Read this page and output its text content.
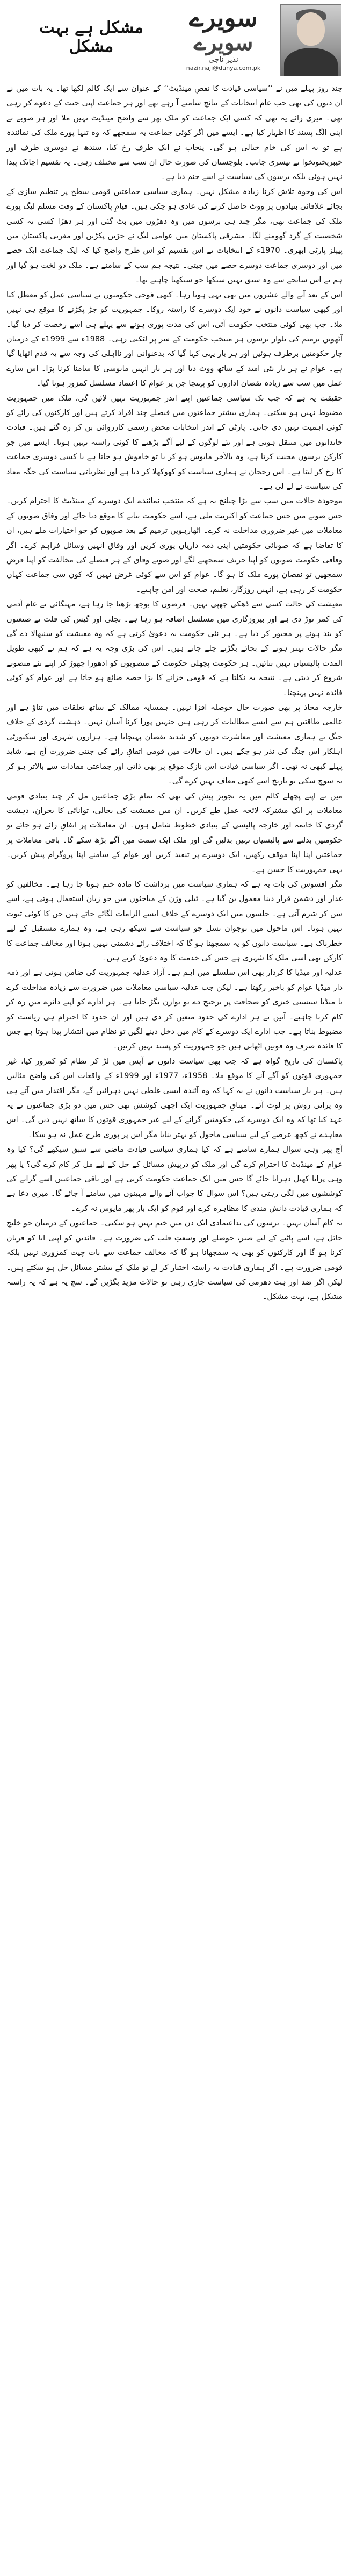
سویرے
سویرے
نذیر ناجی
nazir.naji@dunya.com.pk
مشکل ہے بہت مشکل

چند روز پہلے میں نے ’’سیاسی قیادت کا نقصِ مینڈیٹ‘‘ کے عنوان سے ایک کالم لکھا تھا۔ یہ بات میں نے ان دنوں کی تھی جب عام انتخابات کے نتائج سامنے آ رہے تھے اور ہر جماعت اپنی جیت کے دعوے کر رہی تھی۔ میری رائے یہ تھی کہ کسی ایک جماعت کو ملک بھر سے واضح مینڈیٹ نہیں ملا اور ہر صوبے نے اپنی الگ پسند کا اظہار کیا ہے۔ ایسے میں اگر کوئی جماعت یہ سمجھے کہ وہ تنہا پورے ملک کی نمائندہ ہے تو یہ اس کی خام خیالی ہو گی۔ پنجاب نے ایک طرف رخ کیا، سندھ نے دوسری طرف اور خیبرپختونخوا نے تیسری جانب۔ بلوچستان کی صورت حال ان سب سے مختلف رہی۔ یہ تقسیم اچانک پیدا نہیں ہوئی بلکہ برسوں کی سیاست نے اسے جنم دیا ہے۔

اس کی وجوہ تلاش کرنا زیادہ مشکل نہیں۔ ہماری سیاسی جماعتیں قومی سطح پر تنظیم سازی کے بجائے علاقائی بنیادوں پر ووٹ حاصل کرنے کی عادی ہو چکی ہیں۔ قیامِ پاکستان کے وقت مسلم لیگ پورے ملک کی جماعت تھی، مگر چند ہی برسوں میں وہ دھڑوں میں بٹ گئی اور ہر دھڑا کسی نہ کسی شخصیت کے گرد گھومنے لگا۔ مشرقی پاکستان میں عوامی لیگ نے جڑیں پکڑیں اور مغربی پاکستان میں پیپلز پارٹی ابھری۔ 1970ء کے انتخابات نے اس تقسیم کو اس طرح واضح کیا کہ ایک جماعت ایک حصے میں اور دوسری جماعت دوسرے حصے میں جیتی۔ نتیجہ ہم سب کے سامنے ہے۔ ملک دو لخت ہو گیا اور ہم نے اس سانحے سے وہ سبق نہیں سیکھا جو سیکھنا چاہیے تھا۔

اس کے بعد آنے والے عشروں میں بھی یہی ہوتا رہا۔ کبھی فوجی حکومتوں نے سیاسی عمل کو معطل کیا اور کبھی سیاست دانوں نے خود ایک دوسرے کا راستہ روکا۔ جمہوریت کو جڑ پکڑنے کا موقع ہی نہیں ملا۔ جب بھی کوئی منتخب حکومت آئی، اس کی مدت پوری ہونے سے پہلے ہی اسے رخصت کر دیا گیا۔ آٹھویں ترمیم کی تلوار برسوں ہر منتخب حکومت کے سر پر لٹکتی رہی۔ 1988ء سے 1999ء کے درمیان چار حکومتیں برطرف ہوئیں اور ہر بار یہی کہا گیا کہ بدعنوانی اور نااہلی کی وجہ سے یہ قدم اٹھایا گیا ہے۔ عوام نے ہر بار نئی امید کے ساتھ ووٹ دیا اور ہر بار انہیں مایوسی کا سامنا کرنا پڑا۔ اس سارے عمل میں سب سے زیادہ نقصان اداروں کو پہنچا جن پر عوام کا اعتماد مسلسل کمزور ہوتا گیا۔

حقیقت یہ ہے کہ جب تک سیاسی جماعتیں اپنے اندر جمہوریت نہیں لائیں گی، ملک میں جمہوریت مضبوط نہیں ہو سکتی۔ ہماری بیشتر جماعتوں میں فیصلے چند افراد کرتے ہیں اور کارکنوں کی رائے کو کوئی اہمیت نہیں دی جاتی۔ پارٹی کے اندر انتخابات محض رسمی کارروائی بن کر رہ گئے ہیں۔ قیادت خاندانوں میں منتقل ہوتی ہے اور نئے لوگوں کے لیے آگے بڑھنے کا کوئی راستہ نہیں ہوتا۔ ایسے میں جو کارکن برسوں محنت کرتا ہے، وہ بالآخر مایوس ہو کر یا تو خاموش ہو جاتا ہے یا کسی دوسری جماعت کا رخ کر لیتا ہے۔ اس رجحان نے ہماری سیاست کو کھوکھلا کر دیا ہے اور نظریاتی سیاست کی جگہ مفاد کی سیاست نے لے لی ہے۔

موجودہ حالات میں سب سے بڑا چیلنج یہ ہے کہ منتخب نمائندے ایک دوسرے کے مینڈیٹ کا احترام کریں۔ جس صوبے میں جس جماعت کو اکثریت ملی ہے، اسے حکومت بنانے کا موقع دیا جائے اور وفاق صوبوں کے معاملات میں غیر ضروری مداخلت نہ کرے۔ اٹھارہویں ترمیم کے بعد صوبوں کو جو اختیارات ملے ہیں، ان کا تقاضا ہے کہ صوبائی حکومتیں اپنی ذمہ داریاں پوری کریں اور وفاق انہیں وسائل فراہم کرے۔ اگر وفاقی حکومت صوبوں کو اپنا حریف سمجھنے لگے اور صوبے وفاق کے ہر فیصلے کی مخالفت کو اپنا فرض سمجھیں تو نقصان پورے ملک کا ہو گا۔ عوام کو اس سے کوئی غرض نہیں کہ کون سی جماعت کہاں حکومت کر رہی ہے، انہیں روزگار، تعلیم، صحت اور امن چاہیے۔

معیشت کی حالت کسی سے ڈھکی چھپی نہیں۔ قرضوں کا بوجھ بڑھتا جا رہا ہے، مہنگائی نے عام آدمی کی کمر توڑ دی ہے اور بیروزگاری میں مسلسل اضافہ ہو رہا ہے۔ بجلی اور گیس کی قلت نے صنعتوں کو بند ہونے پر مجبور کر دیا ہے۔ ہر نئی حکومت یہ دعویٰ کرتی ہے کہ وہ معیشت کو سنبھالا دے گی مگر حالات بہتر ہونے کے بجائے بگڑتے چلے جاتے ہیں۔ اس کی بڑی وجہ یہ ہے کہ ہم نے کبھی طویل المدت پالیسیاں نہیں بنائیں۔ ہر حکومت پچھلی حکومت کے منصوبوں کو ادھورا چھوڑ کر اپنے نئے منصوبے شروع کر دیتی ہے۔ نتیجہ یہ نکلتا ہے کہ قومی خزانے کا بڑا حصہ ضائع ہو جاتا ہے اور عوام کو کوئی فائدہ نہیں پہنچتا۔

خارجہ محاذ پر بھی صورت حال حوصلہ افزا نہیں۔ ہمسایہ ممالک کے ساتھ تعلقات میں تناؤ ہے اور عالمی طاقتیں ہم سے ایسے مطالبات کر رہی ہیں جنہیں پورا کرنا آسان نہیں۔ دہشت گردی کے خلاف جنگ نے ہماری معیشت اور معاشرت دونوں کو شدید نقصان پہنچایا ہے۔ ہزاروں شہری اور سکیورٹی اہلکار اس جنگ کی نذر ہو چکے ہیں۔ ان حالات میں قومی اتفاقِ رائے کی جتنی ضرورت آج ہے، شاید پہلے کبھی نہ تھی۔ اگر سیاسی قیادت اس نازک موقع پر بھی ذاتی اور جماعتی مفادات سے بالاتر ہو کر نہ سوچ سکی تو تاریخ اسے کبھی معاف نہیں کرے گی۔

میں نے اپنے پچھلے کالم میں یہ تجویز پیش کی تھی کہ تمام بڑی جماعتیں مل کر چند بنیادی قومی معاملات پر ایک مشترکہ لائحہ عمل طے کریں۔ ان میں معیشت کی بحالی، توانائی کا بحران، دہشت گردی کا خاتمہ اور خارجہ پالیسی کے بنیادی خطوط شامل ہوں۔ ان معاملات پر اتفاقِ رائے ہو جائے تو حکومتیں بدلنے سے پالیسیاں نہیں بدلیں گی اور ملک ایک سمت میں آگے بڑھ سکے گا۔ باقی معاملات پر جماعتیں اپنا اپنا موقف رکھیں، ایک دوسرے پر تنقید کریں اور عوام کے سامنے اپنا پروگرام پیش کریں۔ یہی جمہوریت کا حسن ہے۔

مگر افسوس کی بات یہ ہے کہ ہماری سیاست میں برداشت کا مادہ ختم ہوتا جا رہا ہے۔ مخالفین کو غدار اور دشمن قرار دینا معمول بن گیا ہے۔ ٹیلی وژن کے مباحثوں میں جو زبان استعمال ہوتی ہے، اسے سن کر شرم آتی ہے۔ جلسوں میں ایک دوسرے کے خلاف ایسے الزامات لگائے جاتے ہیں جن کا کوئی ثبوت نہیں ہوتا۔ اس ماحول میں نوجوان نسل جو سیاست سے سیکھ رہی ہے، وہ ہمارے مستقبل کے لیے خطرناک ہے۔ سیاست دانوں کو یہ سمجھنا ہو گا کہ اختلاف رائے دشمنی نہیں ہوتا اور مخالف جماعت کا کارکن بھی اسی ملک کا شہری ہے جس کی خدمت کا وہ دعویٰ کرتے ہیں۔

عدلیہ اور میڈیا کا کردار بھی اس سلسلے میں اہم ہے۔ آزاد عدلیہ جمہوریت کی ضامن ہوتی ہے اور ذمہ دار میڈیا عوام کو باخبر رکھتا ہے۔ لیکن جب عدلیہ سیاسی معاملات میں ضرورت سے زیادہ مداخلت کرے یا میڈیا سنسنی خیزی کو صحافت پر ترجیح دے تو توازن بگڑ جاتا ہے۔ ہر ادارے کو اپنے دائرے میں رہ کر کام کرنا چاہیے۔ آئین نے ہر ادارے کی حدود متعین کر دی ہیں اور ان حدود کا احترام ہی ریاست کو مضبوط بناتا ہے۔ جب ادارے ایک دوسرے کے کام میں دخل دینے لگیں تو نظام میں انتشار پیدا ہوتا ہے جس کا فائدہ صرف وہ قوتیں اٹھاتی ہیں جو جمہوریت کو پسند نہیں کرتیں۔

پاکستان کی تاریخ گواہ ہے کہ جب بھی سیاست دانوں نے آپس میں لڑ کر نظام کو کمزور کیا، غیر جمہوری قوتوں کو آگے آنے کا موقع ملا۔ 1958ء، 1977ء اور 1999ء کے واقعات اس کی واضح مثالیں ہیں۔ ہر بار سیاست دانوں نے یہ کہا کہ وہ آئندہ ایسی غلطی نہیں دہرائیں گے، مگر اقتدار میں آتے ہی وہ پرانی روش پر لوٹ آئے۔ میثاقِ جمہوریت ایک اچھی کوشش تھی جس میں دو بڑی جماعتوں نے یہ عہد کیا تھا کہ وہ ایک دوسرے کی حکومتیں گرانے کے لیے غیر جمہوری قوتوں کا ساتھ نہیں دیں گی۔ اس معاہدے نے کچھ عرصے کے لیے سیاسی ماحول کو بہتر بنایا مگر اس پر پوری طرح عمل نہ ہو سکا۔

آج پھر وہی سوال ہمارے سامنے ہے کہ کیا ہماری سیاسی قیادت ماضی سے سبق سیکھے گی؟ کیا وہ عوام کے مینڈیٹ کا احترام کرے گی اور ملک کو درپیش مسائل کے حل کے لیے مل کر کام کرے گی؟ یا پھر وہی پرانا کھیل دہرایا جائے گا جس میں ایک جماعت حکومت کرتی ہے اور باقی جماعتیں اسے گرانے کی کوششوں میں لگی رہتی ہیں؟ اس سوال کا جواب آنے والے مہینوں میں سامنے آ جائے گا۔ میری دعا ہے کہ ہماری قیادت دانش مندی کا مظاہرہ کرے اور قوم کو ایک بار پھر مایوس نہ کرے۔

یہ کام آسان نہیں۔ برسوں کی بداعتمادی ایک دن میں ختم نہیں ہو سکتی۔ جماعتوں کے درمیان جو خلیج حائل ہے، اسے پاٹنے کے لیے صبر، حوصلے اور وسعتِ قلب کی ضرورت ہے۔ قائدین کو اپنی انا کو قربان کرنا ہو گا اور کارکنوں کو بھی یہ سمجھانا ہو گا کہ مخالف جماعت سے بات چیت کمزوری نہیں بلکہ قومی ضرورت ہے۔ اگر ہماری قیادت یہ راستہ اختیار کر لے تو ملک کے بیشتر مسائل حل ہو سکتے ہیں۔ لیکن اگر ضد اور ہٹ دھرمی کی سیاست جاری رہی تو حالات مزید بگڑیں گے۔ سچ یہ ہے کہ یہ راستہ مشکل ہے، بہت مشکل۔
